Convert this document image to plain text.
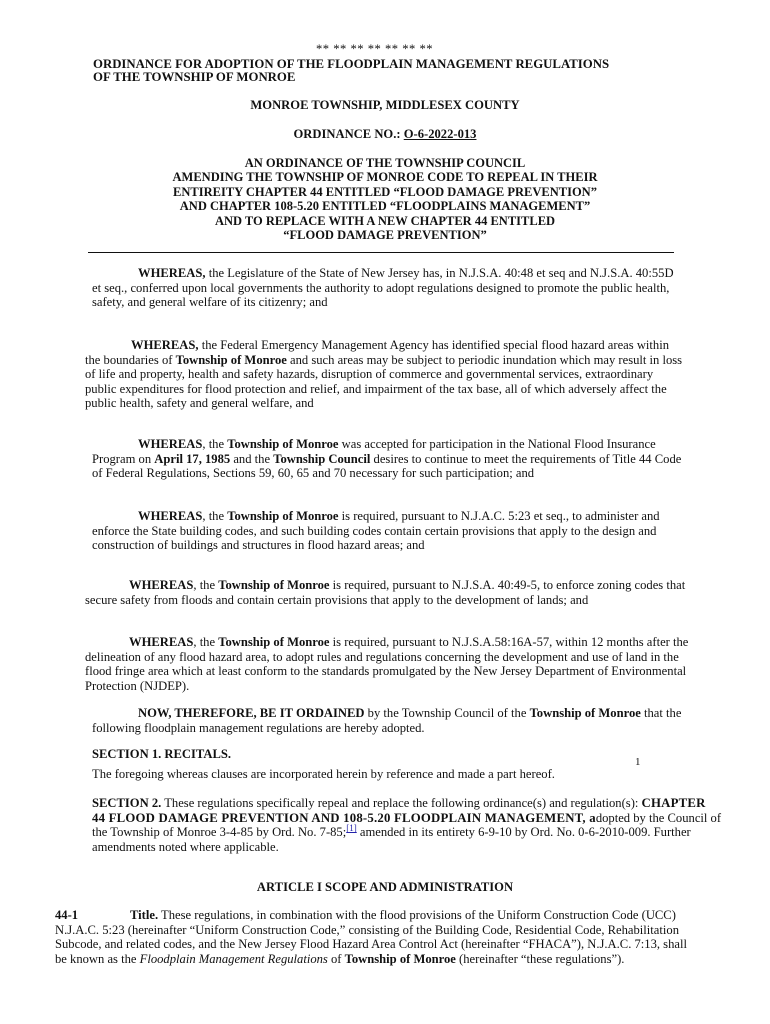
** ** ** ** ** ** **
ORDINANCE FOR ADOPTION OF THE FLOODPLAIN MANAGEMENT REGULATIONS
OF THE TOWNSHIP OF MONROE
MONROE TOWNSHIP, MIDDLESEX COUNTY
ORDINANCE NO.: O-6-2022-013
AN ORDINANCE OF THE TOWNSHIP COUNCIL
AMENDING THE TOWNSHIP OF MONROE CODE TO REPEAL IN THEIR
ENTIREITY CHAPTER 44 ENTITLED “FLOOD DAMAGE PREVENTION”
AND CHAPTER 108-5.20 ENTITLED “FLOODPLAINS MANAGEMENT”
AND TO REPLACE WITH A NEW CHAPTER 44 ENTITLED
“FLOOD DAMAGE PREVENTION”

WHEREAS, the Legislature of the State of New Jersey has, in N.J.S.A. 40:48 et seq and N.J.S.A. 40:55D et seq., conferred upon local governments the authority to adopt regulations designed to promote the public health, safety, and general welfare of its citizenry; and

WHEREAS, the Federal Emergency Management Agency has identified special flood hazard areas within the boundaries of Township of Monroe and such areas may be subject to periodic inundation which may result in loss of life and property, health and safety hazards, disruption of commerce and governmental services, extraordinary public expenditures for flood protection and relief, and impairment of the tax base, all of which adversely affect the public health, safety and general welfare, and

WHEREAS, the Township of Monroe was accepted for participation in the National Flood Insurance Program on April 17, 1985 and the Township Council desires to continue to meet the requirements of Title 44 Code of Federal Regulations, Sections 59, 60, 65 and 70 necessary for such participation; and

WHEREAS, the Township of Monroe is required, pursuant to N.J.A.C. 5:23 et seq., to administer and enforce the State building codes, and such building codes contain certain provisions that apply to the design and construction of buildings and structures in flood hazard areas; and

WHEREAS, the Township of Monroe is required, pursuant to N.J.S.A. 40:49-5, to enforce zoning codes that secure safety from floods and contain certain provisions that apply to the development of lands; and

WHEREAS, the Township of Monroe is required, pursuant to N.J.S.A.58:16A-57, within 12 months after the delineation of any flood hazard area, to adopt rules and regulations concerning the development and use of land in the flood fringe area which at least conform to the standards promulgated by the New Jersey Department of Environmental Protection (NJDEP).

NOW, THEREFORE, BE IT ORDAINED by the Township Council of the Township of Monroe that the following floodplain management regulations are hereby adopted.

SECTION 1. RECITALS.
1
The foregoing whereas clauses are incorporated herein by reference and made a part hereof.

SECTION 2. These regulations specifically repeal and replace the following ordinance(s) and regulation(s): CHAPTER 44 FLOOD DAMAGE PREVENTION AND 108-5.20 FLOODPLAIN MANAGEMENT, adopted by the Council of the Township of Monroe 3-4-85 by Ord. No. 7-85;[1] amended in its entirety 6-9-10 by Ord. No. 0-6-2010-009. Further amendments noted where applicable.

ARTICLE I SCOPE AND ADMINISTRATION

44-1	Title. These regulations, in combination with the flood provisions of the Uniform Construction Code (UCC) N.J.A.C. 5:23 (hereinafter “Uniform Construction Code,” consisting of the Building Code, Residential Code, Rehabilitation Subcode, and related codes, and the New Jersey Flood Hazard Area Control Act (hereinafter “FHACA”), N.J.A.C. 7:13, shall be known as the Floodplain Management Regulations of Township of Monroe (hereinafter “these regulations”).
